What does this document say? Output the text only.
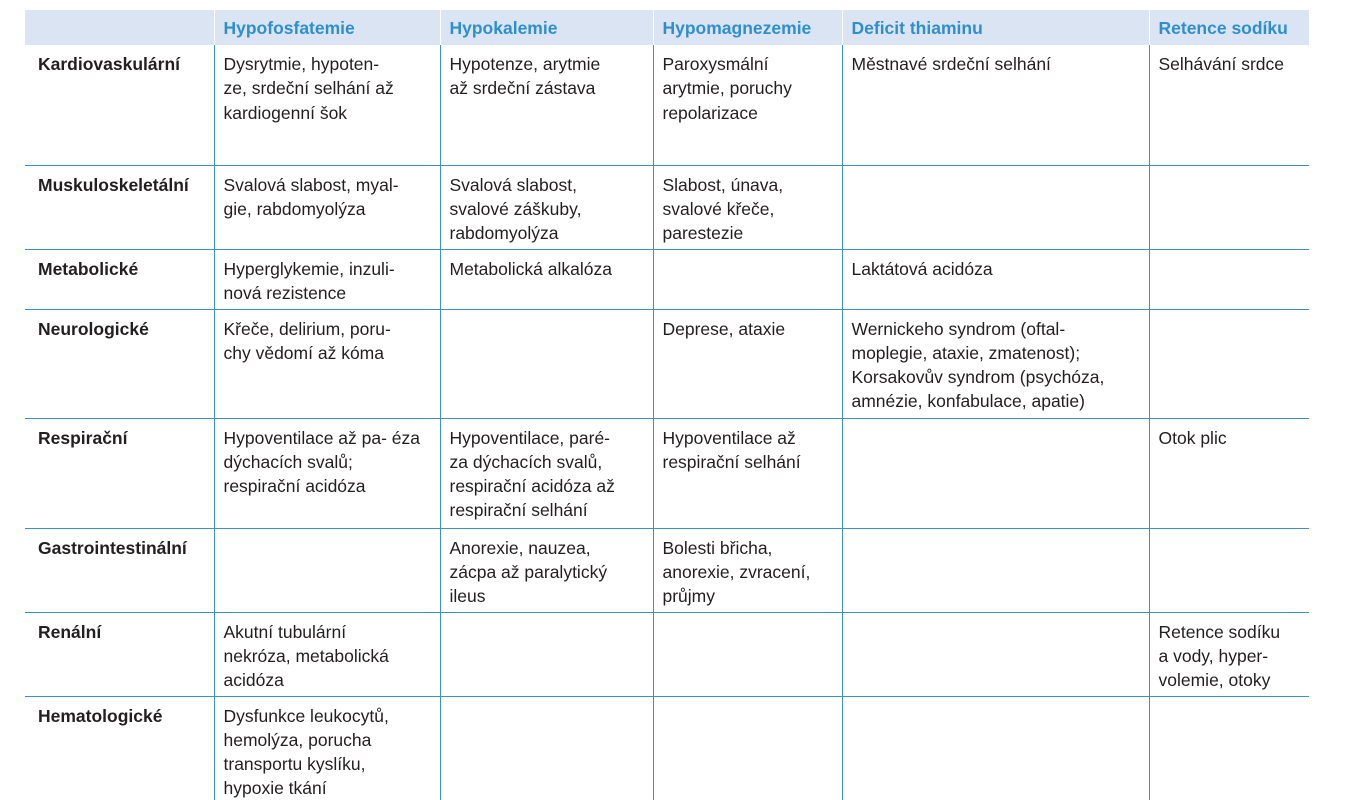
	Hypofosfatemie	Hypokalemie	Hypomagnezemie	Deficit thiaminu	Retence sodíku

Kardiovaskulární	Dysrytmie, hypoten-
ze, srdeční selhání až
kardiogenní šok	Hypotenze, arytmie
až srdeční zástava	Paroxysmální
arytmie, poruchy
repolarizace	Městnavé srdeční selhání	Selhávání srdce

Muskuloskeletální	Svalová slabost, myal-
gie, rabdomyolýza	Svalová slabost,
svalové záškuby,
rabdomyolýza	Slabost, únava,
svalové křeče,
parestezie		

Metabolické	Hyperglykemie, inzuli-
nová rezistence	Metabolická alkalóza		Laktátová acidóza	

Neurologické	Křeče, delirium, poru-
chy vědomí až kóma		Deprese, ataxie	Wernickeho syndrom (oftal-
moplegie, ataxie, zmatenost);
Korsakovův syndrom (psychóza,
amnézie, konfabulace, apatie)	

Respirační	Hypoventilace až pa- éza dýchacích svalů;
respirační acidóza	Hypoventilace, paré-
za dýchacích svalů,
respirační acidóza až
respirační selhání	Hypoventilace až
respirační selhání		Otok plic

Gastrointestinální		Anorexie, nauzea,
zácpa až paralytický
ileus	Bolesti břicha,
anorexie, zvracení,
průjmy		

Renální	Akutní tubulární
nekróza, metabolická
acidóza				Retence sodíku
a vody, hyper-
volemie, otoky

Hematologické	Dysfunkce leukocytů,
hemolýza, porucha
transportu kyslíku,
hypoxie tkání				
